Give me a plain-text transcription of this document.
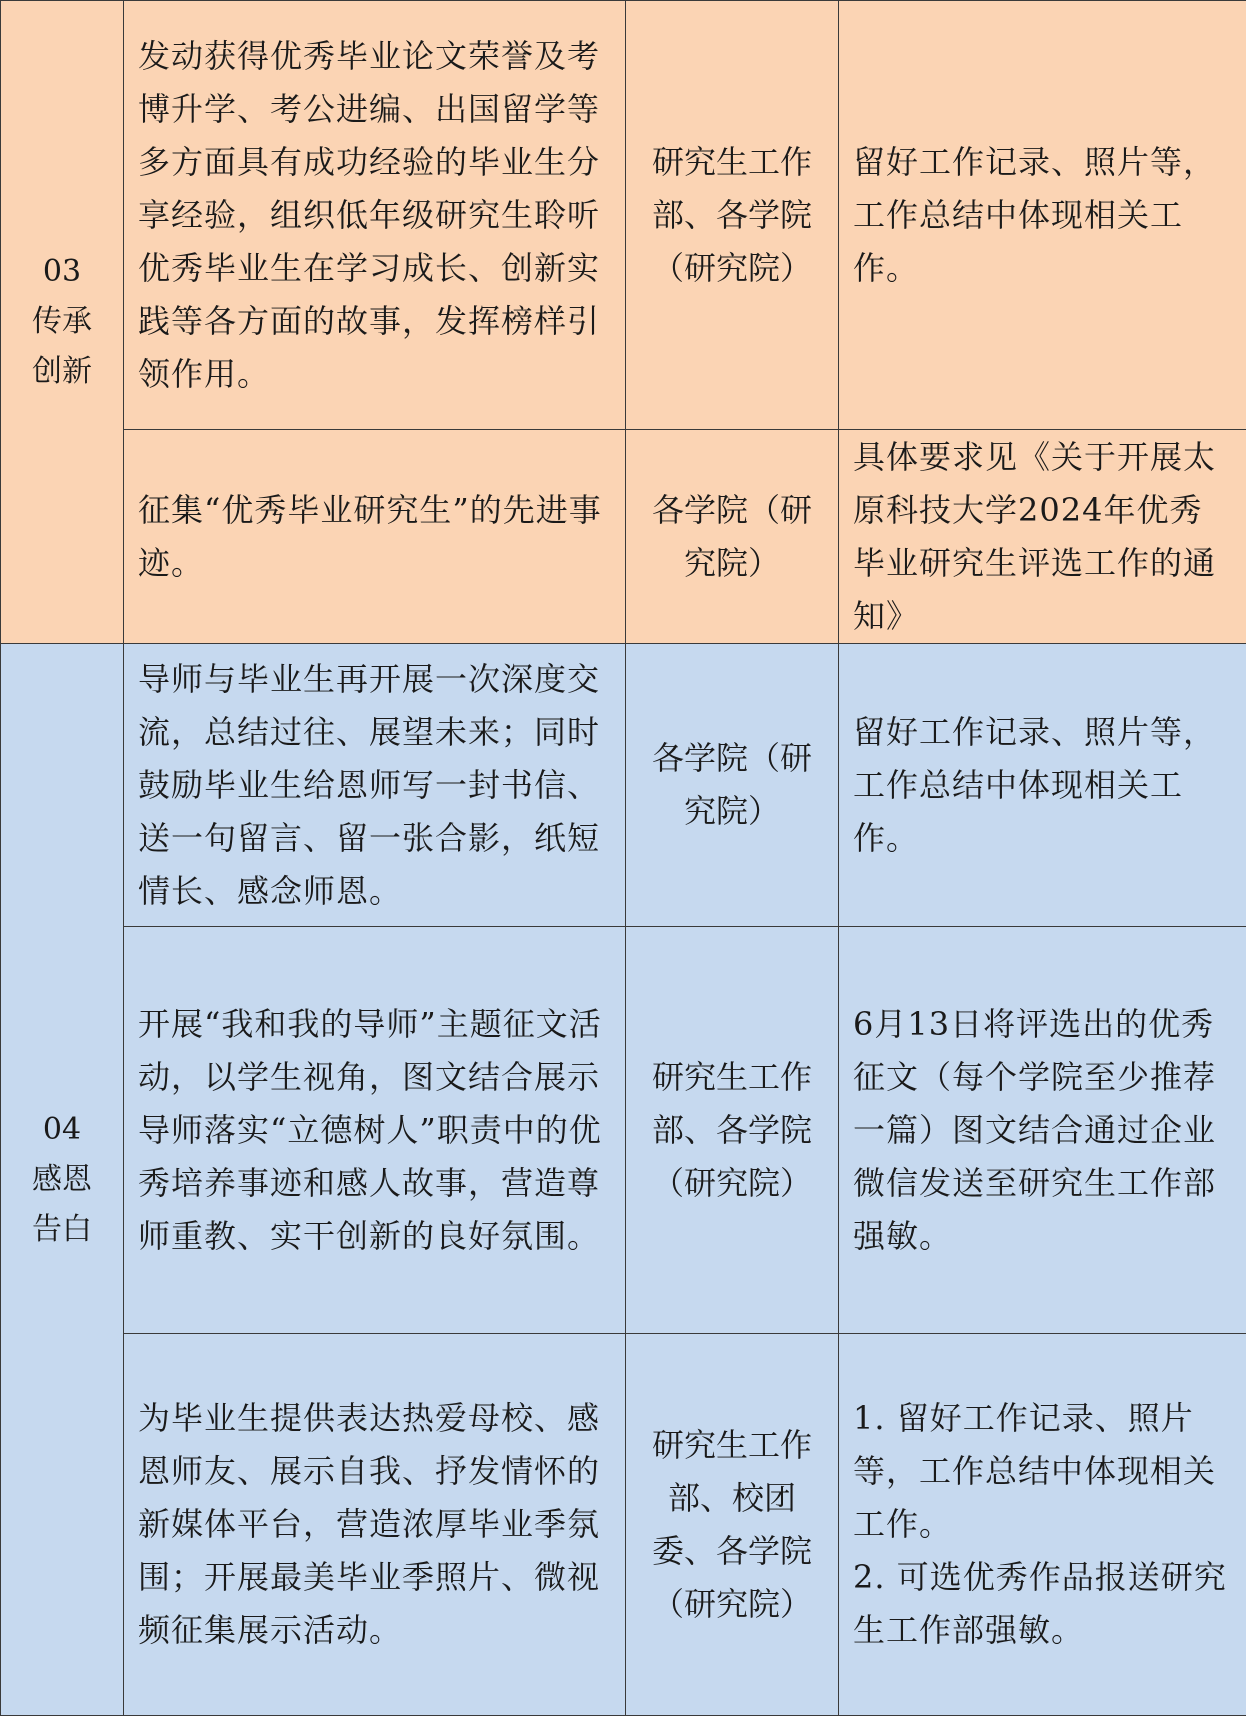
03
传承
创新	发动获得优秀毕业论文荣誉及考博升学、考公进编、出国留学等多方面具有成功经验的毕业生分享经验，组织低年级研究生聆听优秀毕业生在学习成长、创新实践等各方面的故事，发挥榜样引领作用。	研究生工作部、各学院（研究院）	留好工作记录、照片等，工作总结中体现相关工作。
	征集“优秀毕业研究生”的先进事迹。	各学院（研究院）	具体要求见《关于开展太原科技大学2024年优秀毕业研究生评选工作的通知》

04
感恩
告白	导师与毕业生再开展一次深度交流，总结过往、展望未来；同时鼓励毕业生给恩师写一封书信、送一句留言、留一张合影，纸短情长、感念师恩。	各学院（研究院）	留好工作记录、照片等，工作总结中体现相关工作。
	开展“我和我的导师”主题征文活动，以学生视角，图文结合展示导师落实“立德树人”职责中的优秀培养事迹和感人故事，营造尊师重教、实干创新的良好氛围。	研究生工作部、各学院（研究院）	6月13日将评选出的优秀征文（每个学院至少推荐一篇）图文结合通过企业微信发送至研究生工作部强敏。
	为毕业生提供表达热爱母校、感恩师友、展示自我、抒发情怀的新媒体平台，营造浓厚毕业季氛围；开展最美毕业季照片、微视频征集展示活动。	研究生工作部、校团委、各学院（研究院）	1. 留好工作记录、照片等，工作总结中体现相关工作。
2. 可选优秀作品报送研究生工作部强敏。
